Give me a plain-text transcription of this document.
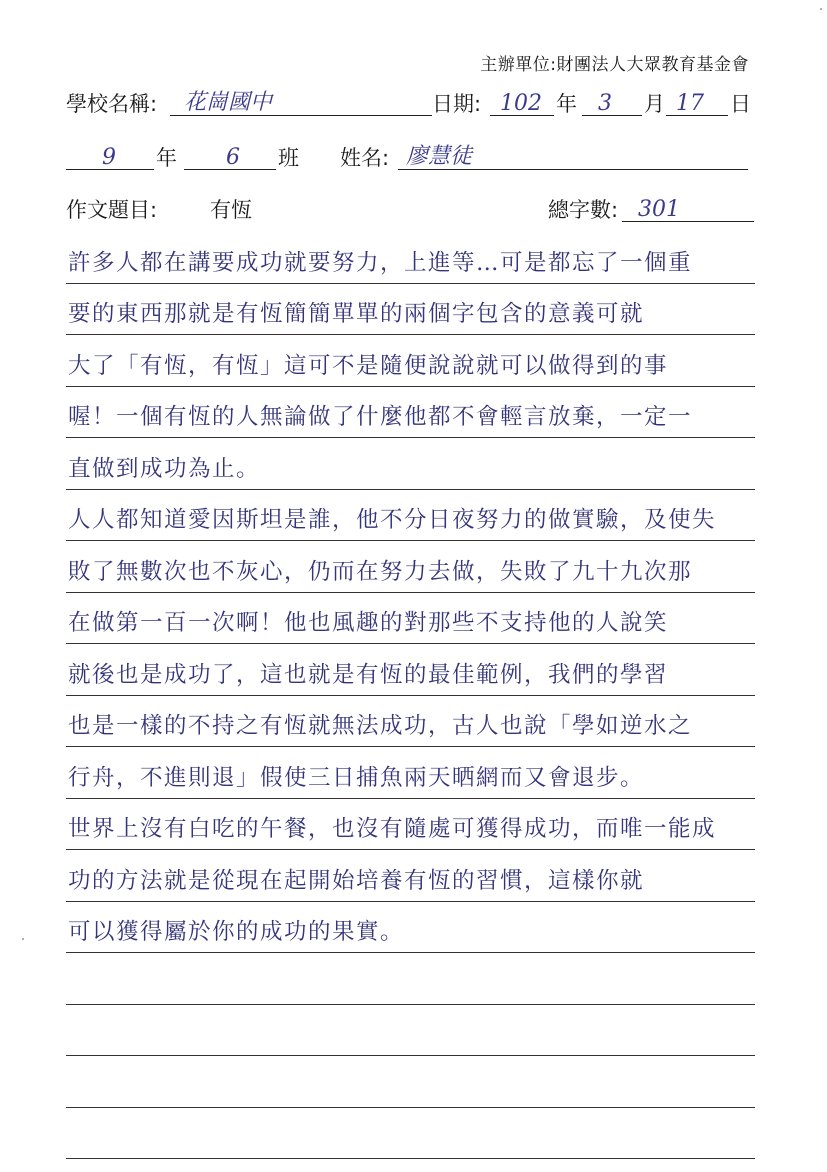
主辦單位:財團法人大眾教育基金會
學校名稱: 花崗國中	日期: 102 年 3 月 17 日
9 年 6 班 姓名: 廖慧徒
作文題目:	有恆	總字數: 301
許多人都在講要成功就要努力，上進等…可是都忘了一個重
要的東西那就是有恆簡簡單單的兩個字包含的意義可就
大了「有恆，有恆」這可不是隨便說說就可以做得到的事
喔！一個有恆的人無論做了什麼他都不會輕言放棄，一定一
直做到成功為止。
人人都知道愛因斯坦是誰，他不分日夜努力的做實驗，及使失
敗了無數次也不灰心，仍而在努力去做，失敗了九十九次那
在做第一百一次啊！他也風趣的對那些不支持他的人說笑
就後也是成功了，這也就是有恆的最佳範例，我們的學習
也是一樣的不持之有恆就無法成功，古人也說「學如逆水之
行舟，不進則退」假使三日捕魚兩天晒網而又會退步。
世界上沒有白吃的午餐，也沒有隨處可獲得成功，而唯一能成
功的方法就是從現在起開始培養有恆的習慣，這樣你就
可以獲得屬於你的成功的果實。
